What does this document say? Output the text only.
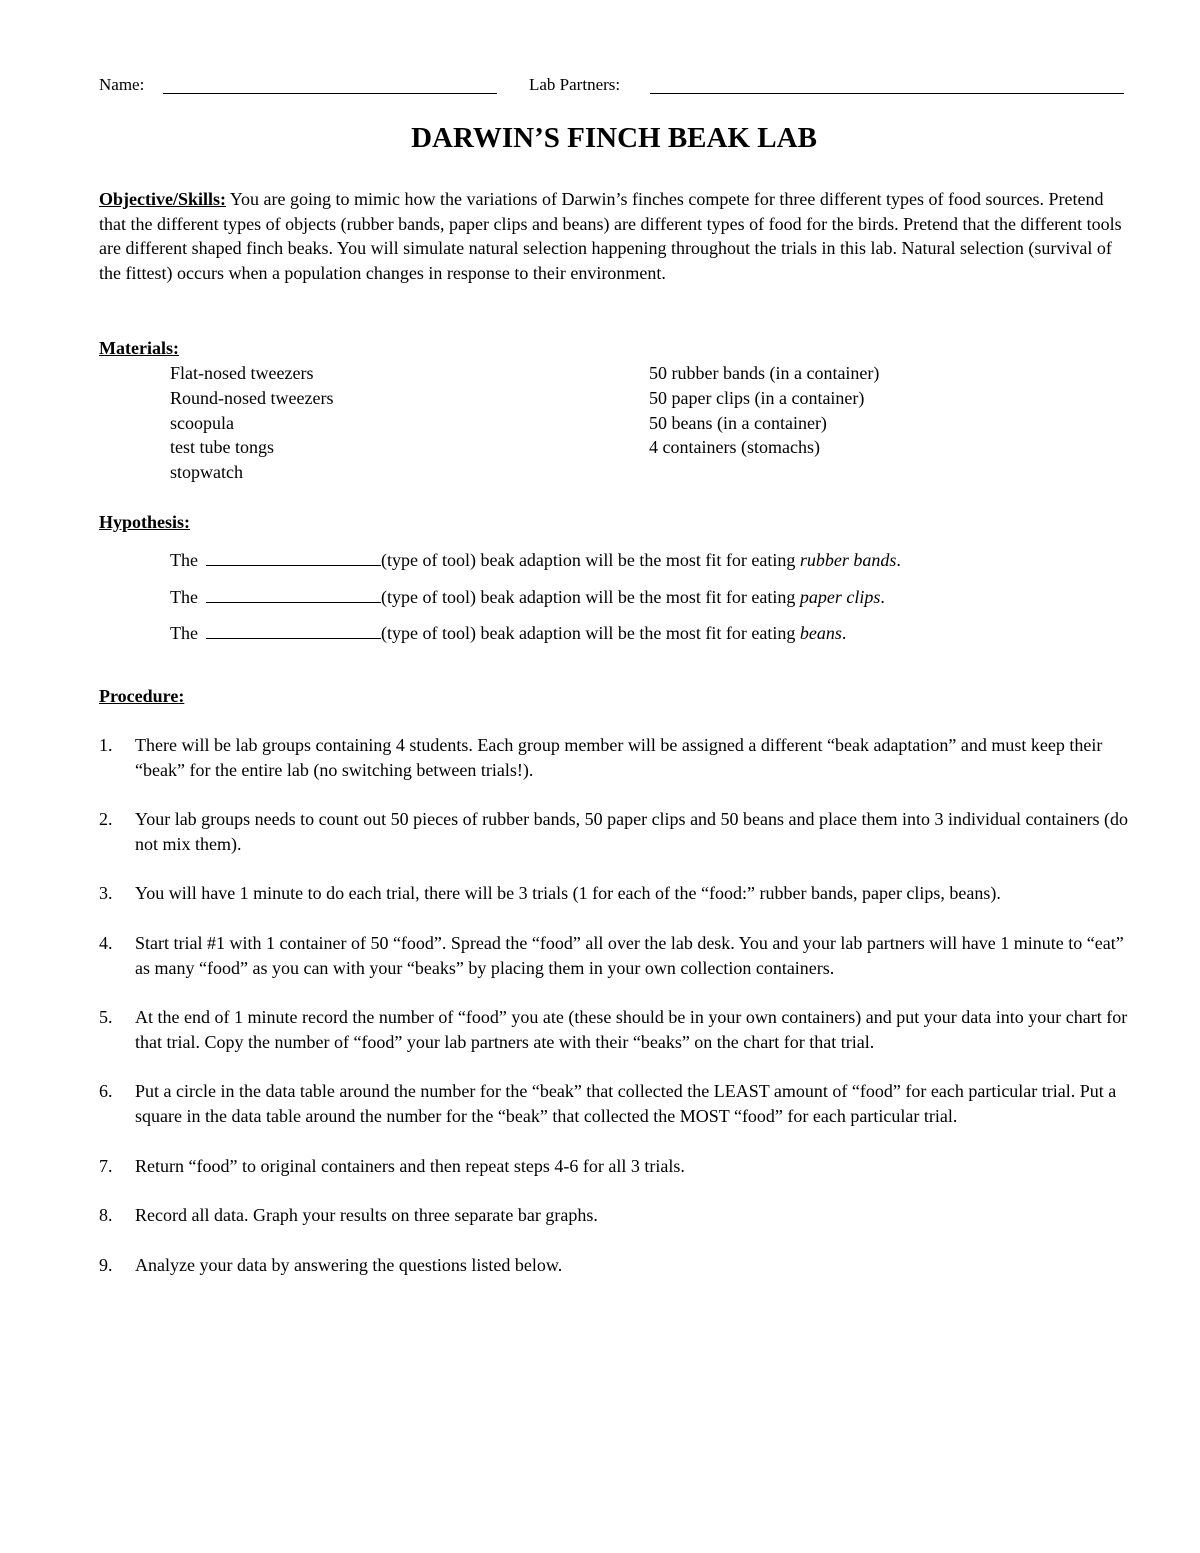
Name:	Lab Partners:
DARWIN’S FINCH BEAK LAB
Objective/Skills: You are going to mimic how the variations of Darwin’s finches compete for three different types of food sources. Pretend that the different types of objects (rubber bands, paper clips and beans) are different types of food for the birds. Pretend that the different tools are different shaped finch beaks. You will simulate natural selection happening throughout the trials in this lab. Natural selection (survival of the fittest) occurs when a population changes in response to their environment.
Materials:
Flat-nosed tweezers
Round-nosed tweezers
scoopula
test tube tongs
stopwatch
50 rubber bands (in a container)
50 paper clips (in a container)
50 beans (in a container)
4 containers (stomachs)
Hypothesis:
The	(type of tool) beak adaption will be the most fit for eating rubber bands.
The	(type of tool) beak adaption will be the most fit for eating paper clips.
The	(type of tool) beak adaption will be the most fit for eating beans.
Procedure:
1. There will be lab groups containing 4 students. Each group member will be assigned a different “beak adaptation” and must keep their “beak” for the entire lab (no switching between trials!).
2. Your lab groups needs to count out 50 pieces of rubber bands, 50 paper clips and 50 beans and place them into 3 individual containers (do not mix them).
3. You will have 1 minute to do each trial, there will be 3 trials (1 for each of the “food:” rubber bands, paper clips, beans).
4. Start trial #1 with 1 container of 50 “food”. Spread the “food” all over the lab desk. You and your lab partners will have 1 minute to “eat” as many “food” as you can with your “beaks” by placing them in your own collection containers.
5. At the end of 1 minute record the number of “food” you ate (these should be in your own containers) and put your data into your chart for that trial. Copy the number of “food” your lab partners ate with their “beaks” on the chart for that trial.
6. Put a circle in the data table around the number for the “beak” that collected the LEAST amount of “food” for each particular trial. Put a square in the data table around the number for the “beak” that collected the MOST “food” for each particular trial.
7. Return “food” to original containers and then repeat steps 4-6 for all 3 trials.
8. Record all data. Graph your results on three separate bar graphs.
9. Analyze your data by answering the questions listed below.
